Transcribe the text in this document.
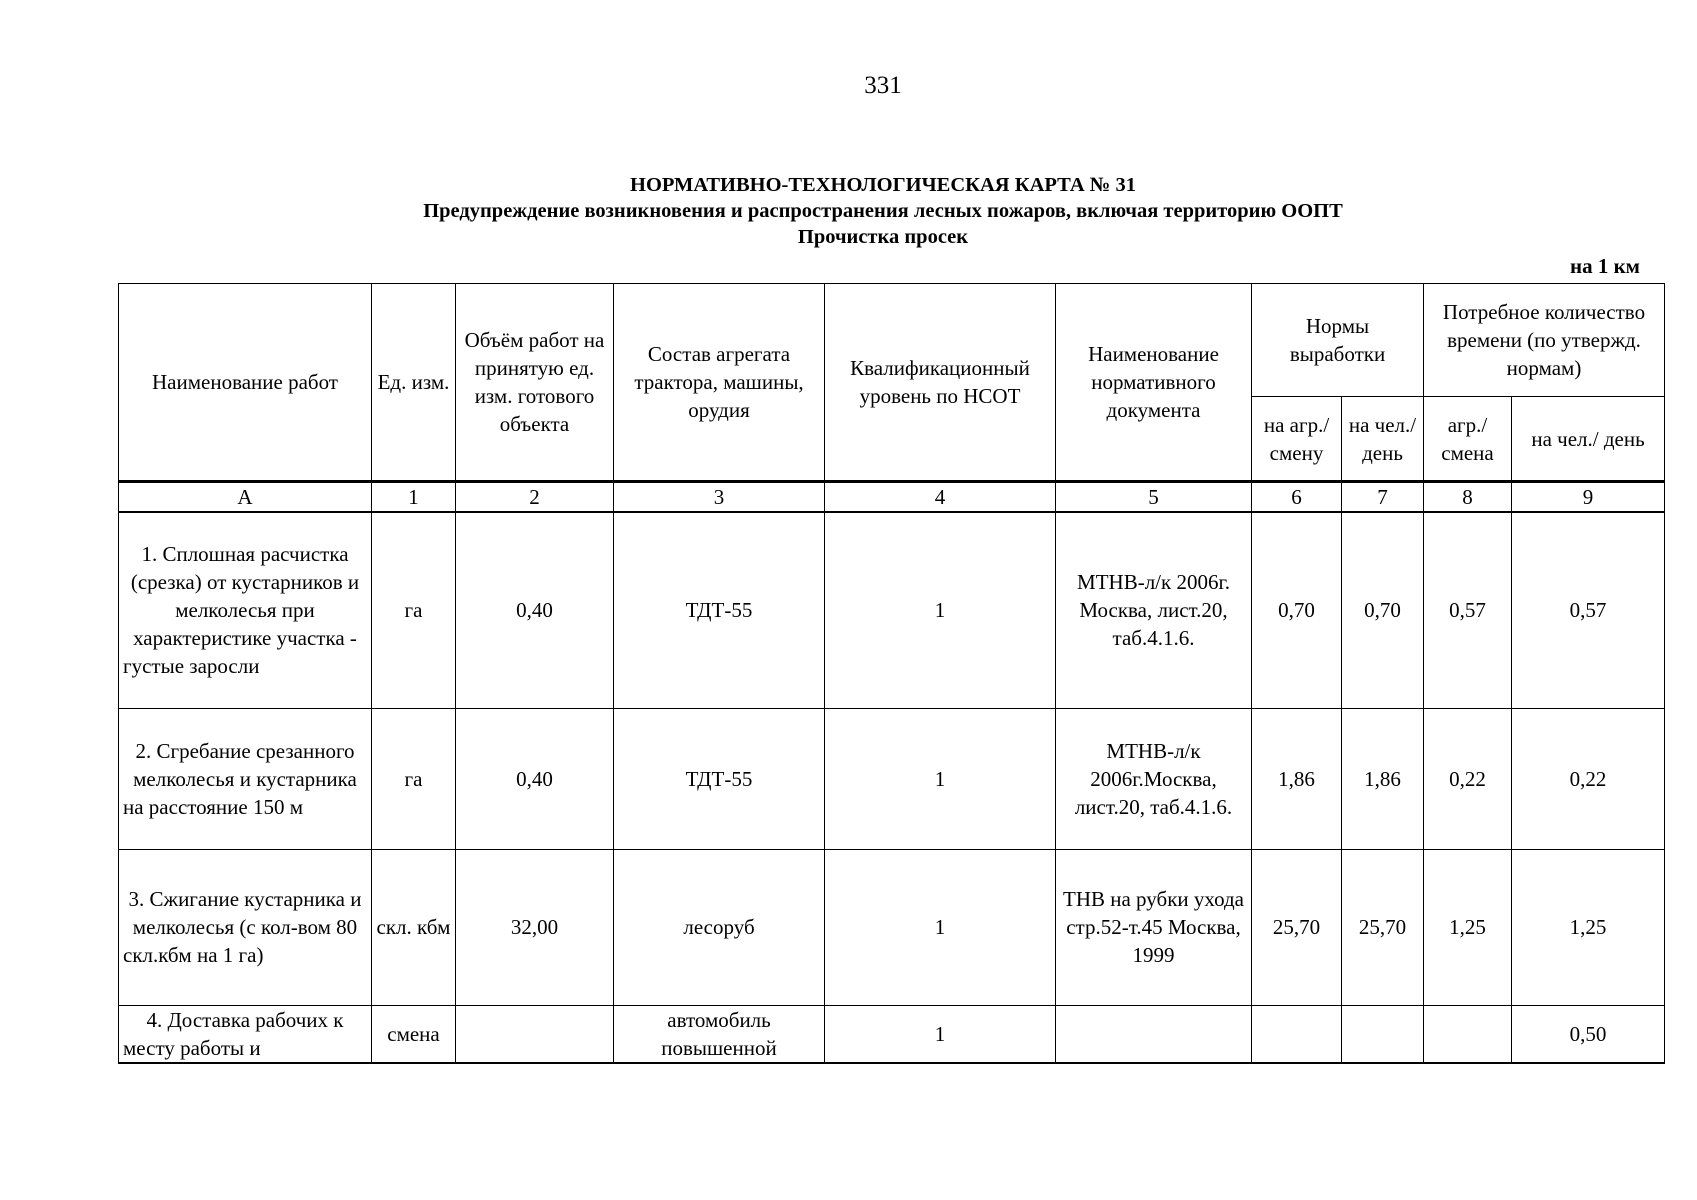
331
НОРМАТИВНО-ТЕХНОЛОГИЧЕСКАЯ КАРТА № 31
Предупреждение возникновения и распространения лесных пожаров, включая территорию ООПТ
Прочистка просек
на 1 км
Наименование работ	Ед. изм.	Объём работ на принятую ед. изм. готового объекта	Состав агрегата трактора, машины, орудия	Квалификационный уровень по НСОТ	Наименование нормативного документа	Нормы выработки		Потребное количество времени (по утвержд. нормам)	
						на агр./ смену	на чел./ день	агр./ смена	на чел./ день
А	1	2	3	4	5	6	7	8	9
1. Сплошная расчистка (срезка) от кустарников и мелколесья при характеристике участка - густые заросли	га	0,40	ТДТ-55	1	МТНВ-л/к 2006г. Москва, лист.20, таб.4.1.6.	0,70	0,70	0,57	0,57
2. Сгребание срезанного мелколесья и кустарника на расстояние 150 м	га	0,40	ТДТ-55	1	МТНВ-л/к 2006г.Москва, лист.20, таб.4.1.6.	1,86	1,86	0,22	0,22
3. Сжигание кустарника и мелколесья (с кол-вом 80 скл.кбм на 1 га)	скл. кбм	32,00	лесоруб	1	ТНВ на рубки ухода стр.52-т.45 Москва, 1999	25,70	25,70	1,25	1,25
4. Доставка рабочих к месту работы и	смена		автомобиль повышенной	1					0,50
